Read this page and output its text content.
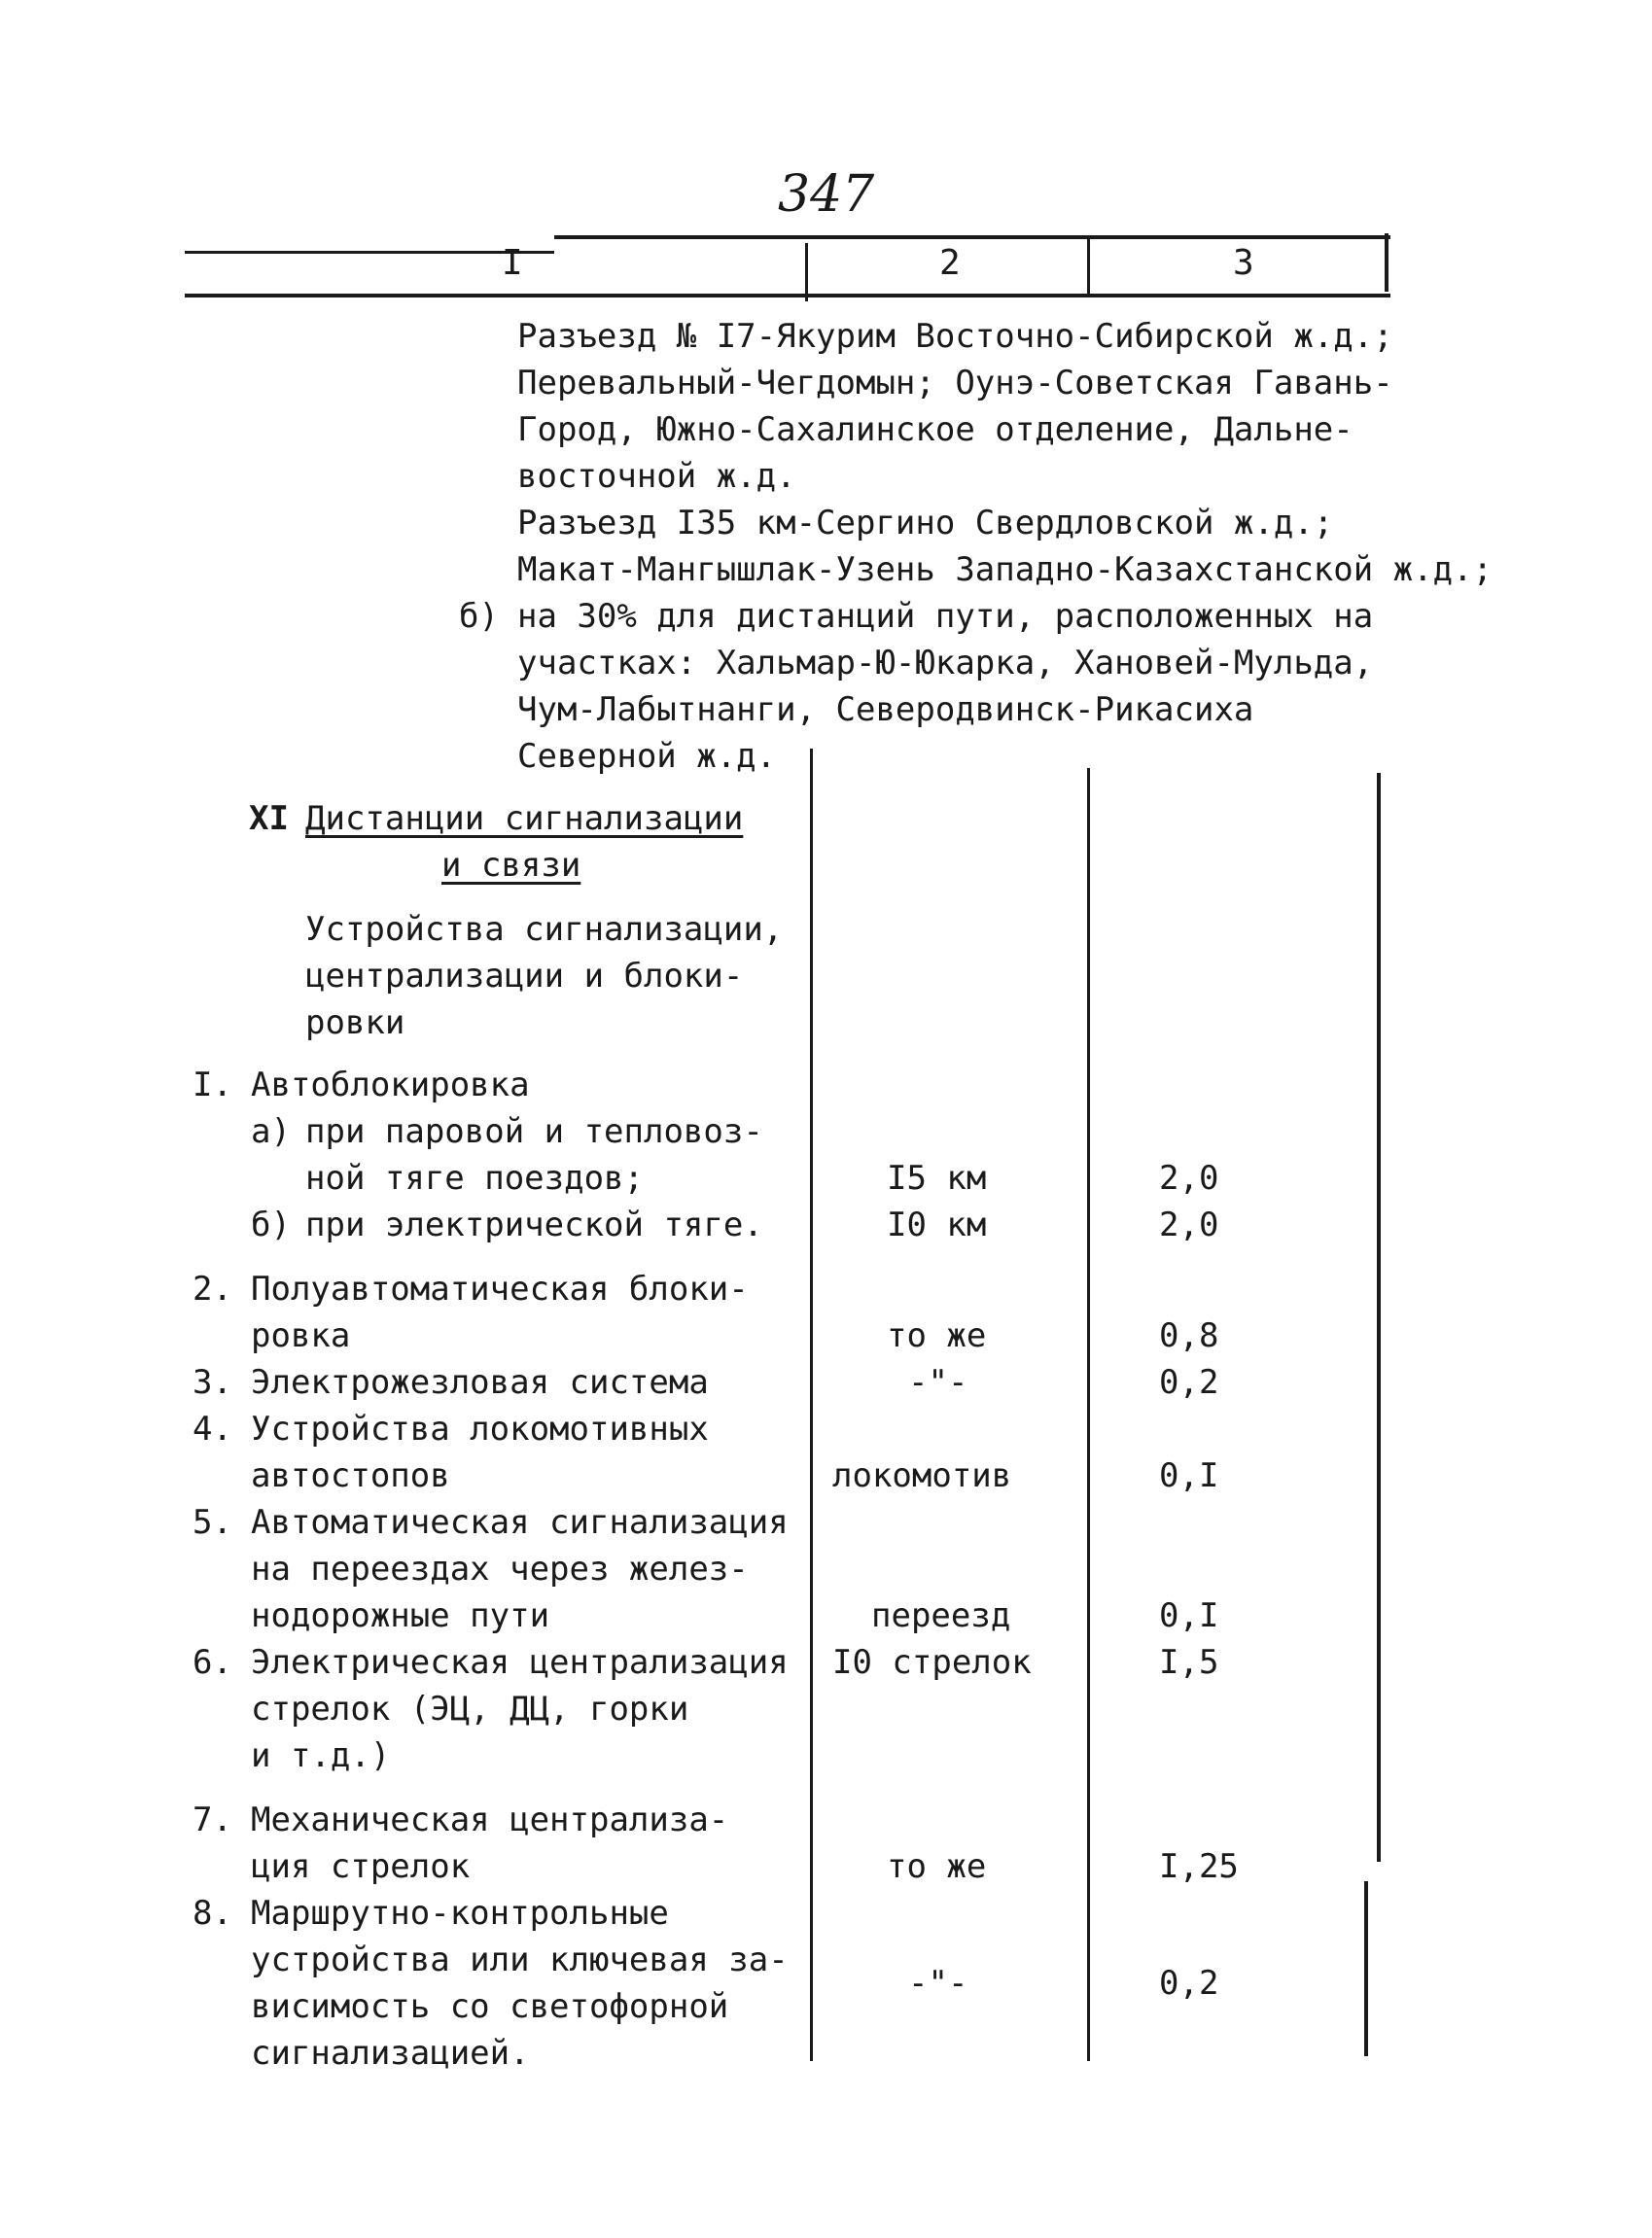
347
I	2	3
Разъезд № I7-Якурим Восточно-Сибирской ж.д.;
Перевальный-Чегдомын; Оунэ-Советская Гавань-
Город, Южно-Сахалинское отделение, Дальне-
восточной ж.д.
Разъезд I35 км-Сергино Свердловской ж.д.;
Макат-Мангышлак-Узень Западно-Казахстанской ж.д.;
б) на 30% для дистанций пути, расположенных на
участках: Хальмар-Ю-Юкарка, Хановей-Мульда,
Чум-Лабытнанги, Северодвинск-Рикасиха
Северной ж.д.
XI Дистанции сигнализации
и связи
Устройства сигнализации,
централизации и блоки-
ровки
I. Автоблокировка
а) при паровой и тепловоз-
ной тяге поездов;	I5 км	2,0
б) при электрической тяге.	I0 км	2,0
2. Полуавтоматическая блоки-
ровка	то же	0,8
3. Электрожезловая система	-"-	0,2
4. Устройства локомотивных
автостопов	локомотив	0,I
5. Автоматическая сигнализация
на переездах через желез-
нодорожные пути	переезд	0,I
6. Электрическая централизация
стрелок (ЭЦ, ДЦ, горки
и т.д.)
I0 стрелок	I,5
7. Механическая централиза-
ция стрелок	то же	I,25
8. Маршрутно-контрольные
устройства или ключевая за-
висимость со светофорной
сигнализацией.
-"-	0,2
